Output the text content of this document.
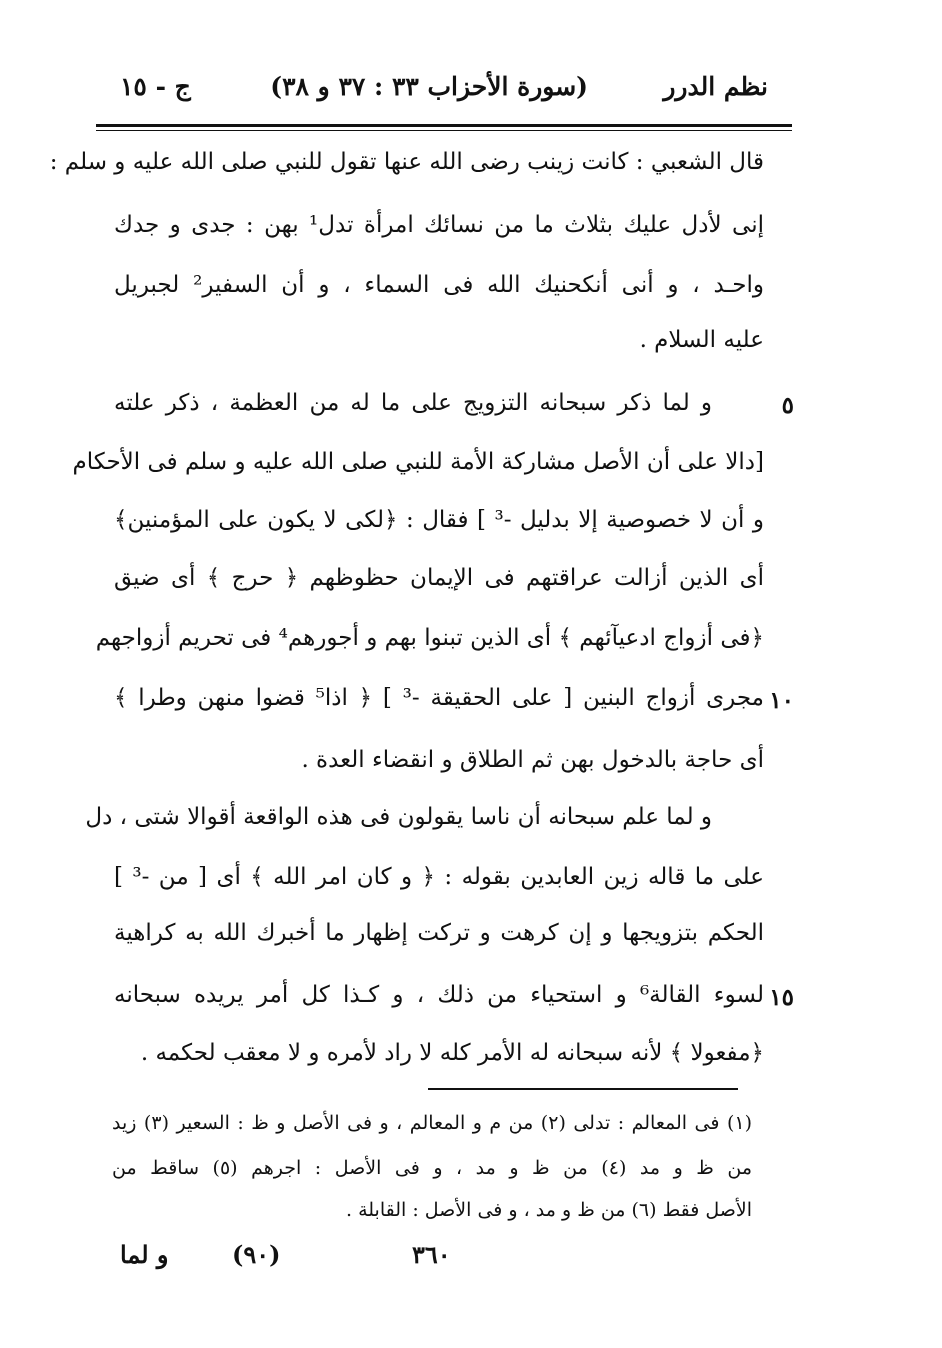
نظم الدرر
(سورة الأحزاب ٣٣ : ٣٧ و ٣٨)
ج - ١٥
قال الشعبي : كانت زينب رضى الله عنها تقول للنبي صلى الله عليه و سلم :
إنى لأدل عليك بثلاث ما من نسائك امرأة تدل¹ بهن : جدى و جدك
واحـد ، و أنى أنكحنيك الله فى السماء ، و أن السفير² لجبريل
عليه السلام .
و لما ذكر سبحانه التزويج على ما له من العظمة ، ذكر علته	٥
[دالا على أن الأصل مشاركة الأمة للنبي صلى الله عليه و سلم فى الأحكام
و أن لا خصوصية إلا بدليل -³ ] فقال : ﴿لكى لا يكون على المؤمنين﴾
أى الذين أزالت عراقتهم فى الإيمان حظوظهم ﴿ حرج ﴾ أى ضيق
﴿فى أزواج ادعيآئهم ﴾ أى الذين تبنوا بهم و أجورهم⁴ فى تحريم أزواجهم
مجرى أزواج البنين [ على الحقيقة -³ ] ﴿ اذا⁵ قضوا منهن وطرا ﴾ ١٠
أى حاجة بالدخول بهن ثم الطلاق و انقضاء العدة .
و لما علم سبحانه أن ناسا يقولون فى هذه الواقعة أقوالا شتى ، دل
على ما قاله زين العابدين بقوله : ﴿ و كان امر الله ﴾ أى [ من -³ ]
الحكم بتزويجها و إن كرهت و تركت إظهار ما أخبرك الله به كراهية
لسوء القالة⁶ و استحياء من ذلك ، و كـذا كل أمر يريده سبحانه ١٥
﴿مفعولا ﴾ لأنه سبحانه له الأمر كله لا راد لأمره و لا معقب لحكمه .
(١) فى المعالم : تدلى (٢) من م و المعالم ، و فى الأصل و ظ : السعير (٣) زيد
من ظ و مد (٤) من ظ و مد ، و فى الأصل : اجرهم (٥) ساقط من
الأصل فقط (٦) من ظ و مد ، و فى الأصل : القابلة .
٣٦٠
(٩٠)
و لما
